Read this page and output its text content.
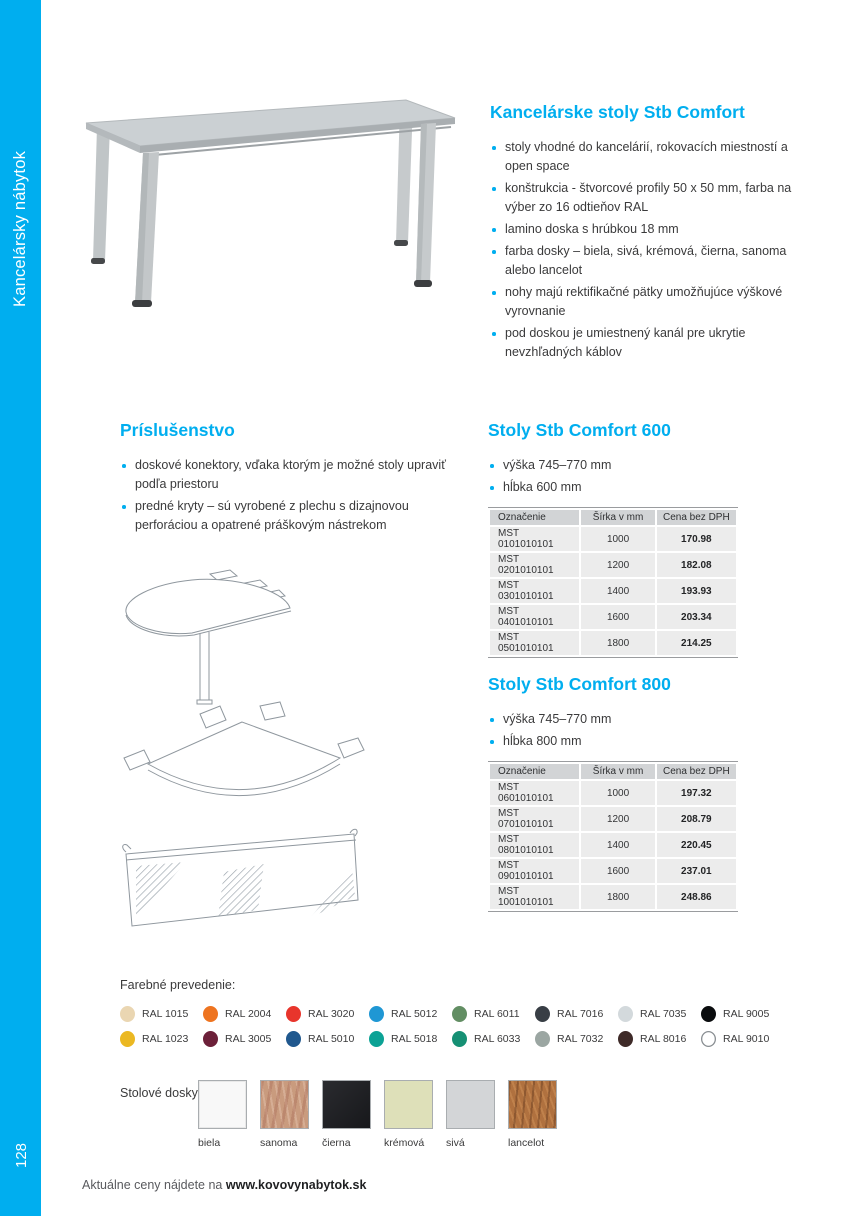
Kancelársky nábytok
128
Kancelárske stoly Stb Comfort
stoly vhodné do kancelárií, rokovacích miestností a open space
konštrukcia - štvorcové profily 50 x 50 mm, farba na výber zo 16 odtieňov RAL
lamino doska s hrúbkou 18 mm
farba dosky – biela, sivá, krémová, čierna, sanoma alebo lancelot
nohy majú rektifikačné pätky umožňujúce výškové vyrovnanie
pod doskou je umiestnený kanál pre ukrytie nevzhľadných káblov
Príslušenstvo
doskové konektory, vďaka ktorým je možné stoly upraviť podľa priestoru
predné kryty – sú vyrobené z plechu s dizajnovou perforáciou a opatrené práškovým nástrekom
Stoly Stb Comfort 600
výška 745–770 mm
hĺbka 600 mm
Označenie	Šírka v mm	Cena bez DPH
MST 0101010101	1000	170.98
MST 0201010101	1200	182.08
MST 0301010101	1400	193.93
MST 0401010101	1600	203.34
MST 0501010101	1800	214.25
Stoly Stb Comfort 800
výška 745–770 mm
hĺbka 800 mm
Označenie	Šírka v mm	Cena bez DPH
MST 0601010101	1000	197.32
MST 0701010101	1200	208.79
MST 0801010101	1400	220.45
MST 0901010101	1600	237.01
MST 1001010101	1800	248.86
Farebné prevedenie:
RAL 1015	RAL 2004	RAL 3020	RAL 5012	RAL 6011	RAL 7016	RAL 7035	RAL 9005
RAL 1023	RAL 3005	RAL 5010	RAL 5018	RAL 6033	RAL 7032	RAL 8016	RAL 9010
Stolové dosky
biela	sanoma	čierna	krémová	sivá	lancelot
Aktuálne ceny nájdete na www.kovovynabytok.sk
